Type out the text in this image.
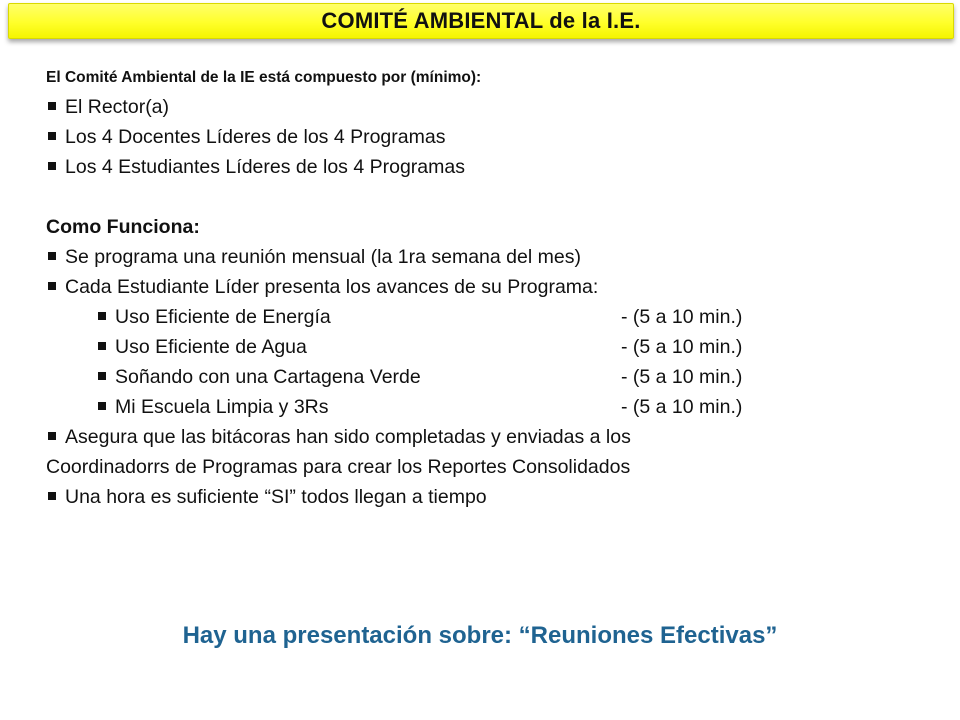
COMITÉ AMBIENTAL de la I.E.
El Comité Ambiental de la IE está compuesto por (mínimo):
El Rector(a)
Los 4 Docentes Líderes de los 4 Programas
Los 4 Estudiantes Líderes de los 4 Programas
Como Funciona:
Se programa una reunión mensual (la 1ra semana del mes)
Cada Estudiante Líder presenta los avances de su Programa:
Uso Eficiente de Energía	- (5 a 10 min.)
Uso Eficiente de Agua	- (5 a 10 min.)
Soñando con una Cartagena Verde	- (5 a 10 min.)
Mi Escuela Limpia y 3Rs	- (5 a 10 min.)
Asegura que las bitácoras han sido completadas y enviadas a los
Coordinadorrs de Programas para crear los Reportes Consolidados
Una hora es suficiente “SI” todos llegan a tiempo
Hay una presentación sobre: “Reuniones Efectivas”
